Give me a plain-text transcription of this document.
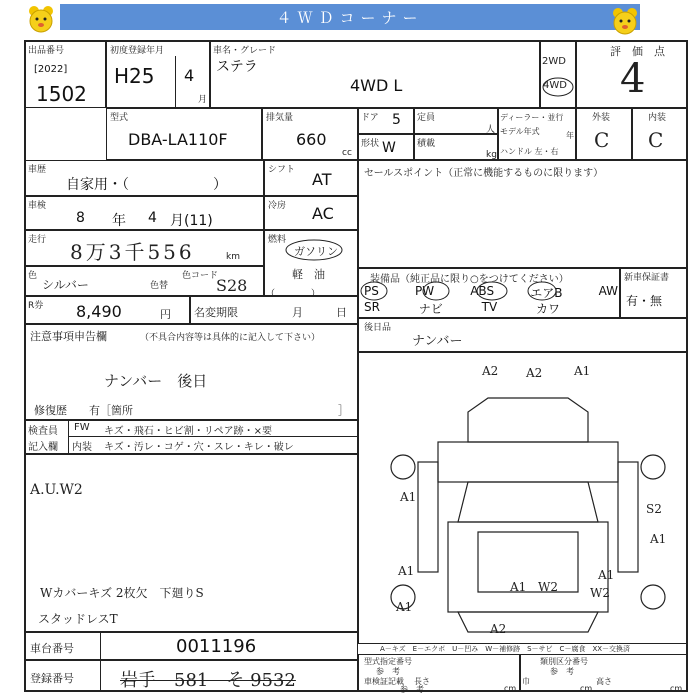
４ＷＤコーナー
出品番号
[2022]
1502
初度登録年月
H25 4
月
車名・グレード
ステラ
4WD L
2WD
4WD
評　価　点
4
型式
DBA-LA110F
排気量
660
cc
ドア 5 定員
人
形状 W 積載
kg
ディーラー・並行
モデル年式	年
ハンドル 左・右
外装
C
内装
C
車歴
自家用・（　　　　　　）
シフト AT
車検
8 年 4 月(11)
冷房 AC
走行 8万3千556	km
燃料
ガソリン
軽　油
色
シルバー	色替
色コード
S28 （　　　　）
R券 8,490	円 名変期限	月	日
セールスポイント（正常に機能するものに限ります）
装備品（純正品に限り○をつけてください）
PS	PW	ABS	エアB	AW
SR	ナビ	TV	カワ
新車保証書
有・無
後日品
ナンバー
注意事項申告欄	（不具合内容等は具体的に記入して下さい）
ナンバー　後日
修復歴　　有［箇所	］
検査員
記入欄
FW キズ・飛石・ヒビ割・リペア跡・×要
内装 キズ・汚レ・コゲ・穴・スレ・キレ・破レ
A.U.W2
Wカバーキズ 2枚欠　下廻りS
スタッドレスT
A2 A2	A1
A1
S2
A1
A1
A1 W2
A1
W2
A1
A2
A－キズ　E－エクボ　U－凹み　W－補修跡　S－サビ　C－腐食　XX－交換済
車台番号	0011196
登録番号	岩手　581　そ 9532
型式指定番号
参　考
車検証記載
参　考
長さ
cm
類別区分番号
参　考
巾
cm
高さ
cm
